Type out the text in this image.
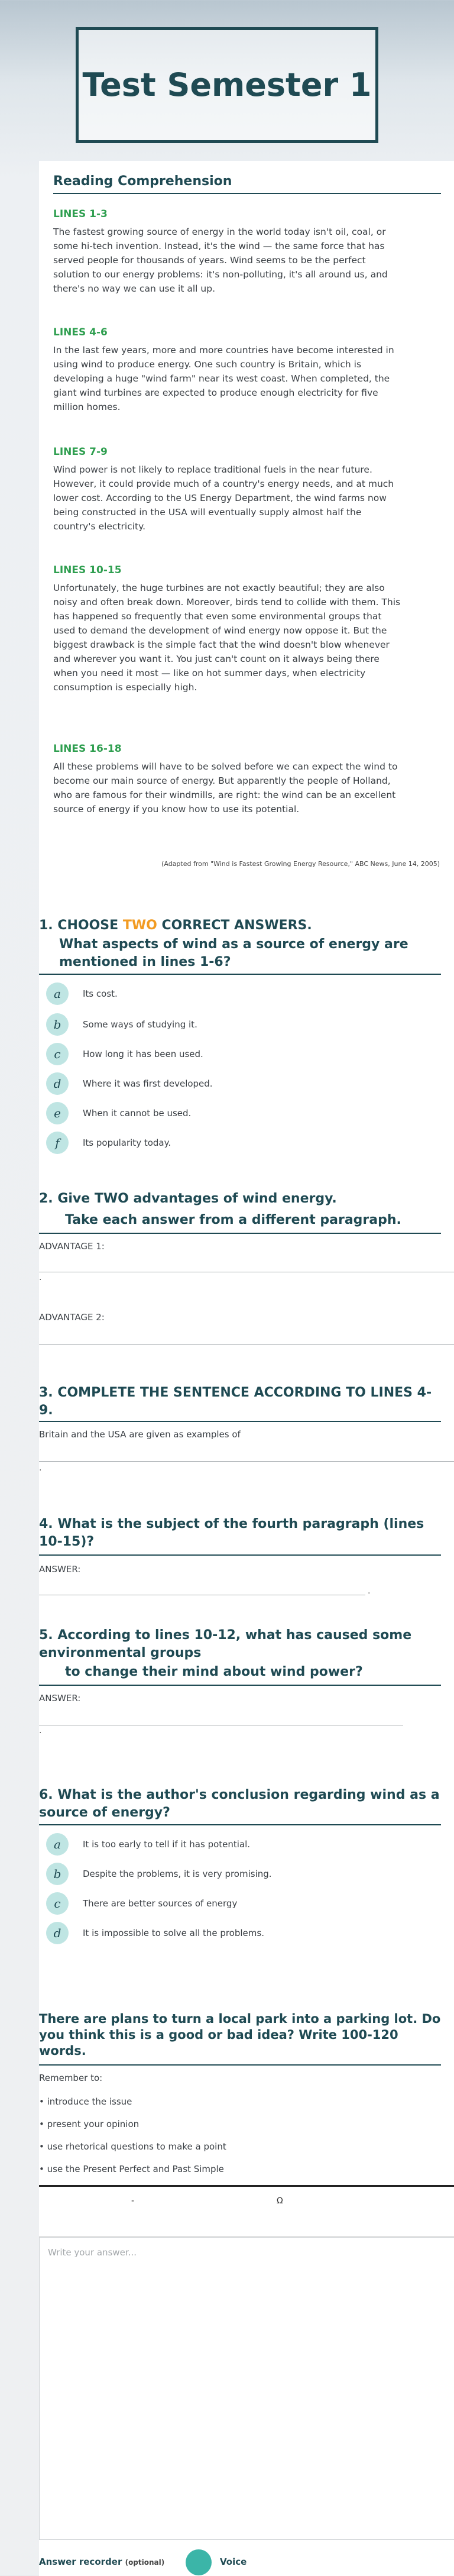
Test Semester 1
Reading Comprehension
LINES 1-3
The fastest growing source of energy in the world today isn't oil, coal, or some hi-tech invention. Instead, it's the wind — the same force that has served people for thousands of years. Wind seems to be the perfect solution to our energy problems: it's non-polluting, it's all around us, and there's no way we can use it all up.
LINES 4-6
In the last few years, more and more countries have become interested in using wind to produce energy. One such country is Britain, which is developing a huge "wind farm" near its west coast. When completed, the giant wind turbines are expected to produce enough electricity for five million homes.
LINES 7-9
Wind power is not likely to replace traditional fuels in the near future. However, it could provide much of a country's energy needs, and at much lower cost. According to the US Energy Department, the wind farms now being constructed in the USA will eventually supply almost half the country's electricity.
LINES 10-15
Unfortunately, the huge turbines are not exactly beautiful; they are also noisy and often break down. Moreover, birds tend to collide with them. This has happened so frequently that even some environmental groups that used to demand the development of wind energy now oppose it. But the biggest drawback is the simple fact that the wind doesn't blow whenever and wherever you want it. You just can't count on it always being there when you need it most — like on hot summer days, when electricity consumption is especially high.
LINES 16-18
All these problems will have to be solved before we can expect the wind to become our main source of energy. But apparently the people of Holland, who are famous for their windmills, are right: the wind can be an excellent source of energy if you know how to use its potential.
(Adapted from "Wind is Fastest Growing Energy Resource," ABC News, June 14, 2005)
1. CHOOSE TWO CORRECT ANSWERS.
What aspects of wind as a source of energy are mentioned in lines 1-6?
a	Its cost.
b	Some ways of studying it.
c	How long it has been used.
d	Where it was first developed.
e	When it cannot be used.
f	Its popularity today.
2. Give TWO advantages of wind energy.
Take each answer from a different paragraph.
ADVANTAGE 1:
.
ADVANTAGE 2:
3. COMPLETE THE SENTENCE ACCORDING TO LINES 4-9.
Britain and the USA are given as examples of
.
4. What is the subject of the fourth paragraph (lines 10-15)?
ANSWER:
.
5. According to lines 10-12, what has caused some environmental groups
to change their mind about wind power?
ANSWER:
.
6. What is the author's conclusion regarding wind as a source of energy?
a	It is too early to tell if it has potential.
b	Despite the problems, it is very promising.
c	There are better sources of energy
d	It is impossible to solve all the problems.
There are plans to turn a local park into a parking lot. Do you think this is a good or bad idea? Write 100-120 words.
Remember to:
• introduce the issue
• present your opinion
• use rhetorical questions to make a point
• use the Present Perfect and Past Simple
-	Ω
Write your answer...
Answer recorder (optional)	Voice
